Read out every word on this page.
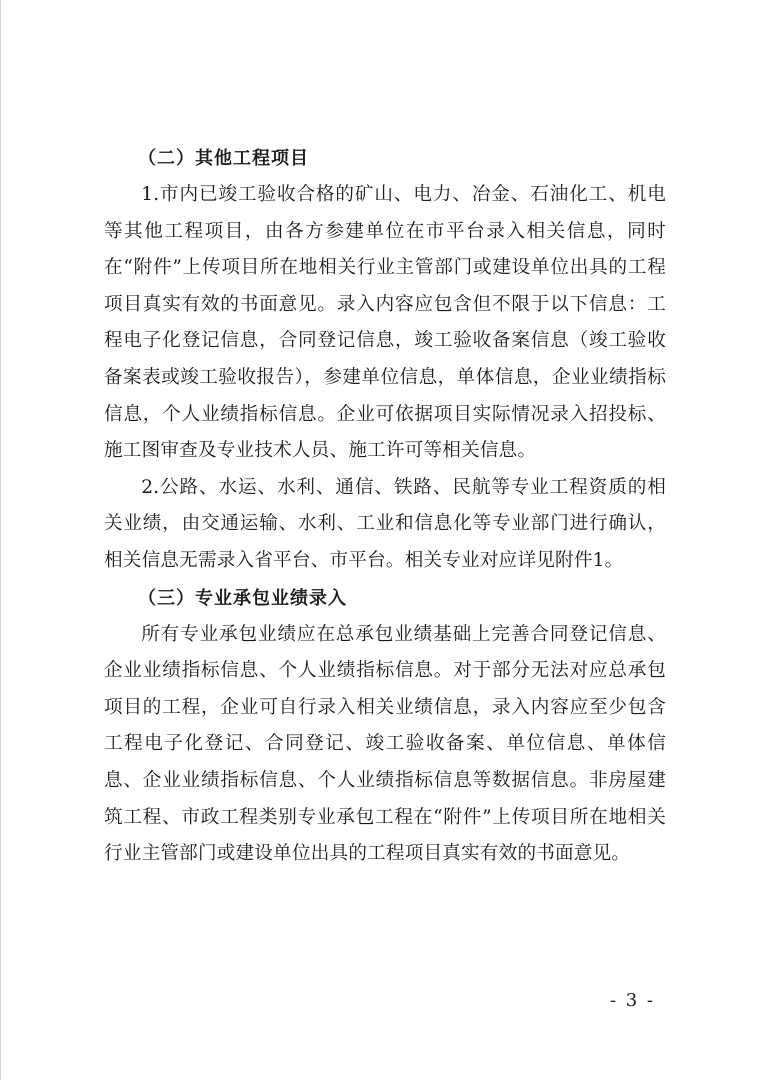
（二）其他工程项目

1.市内已竣工验收合格的矿山、电力、冶金、石油化工、机电等其他工程项目，由各方参建单位在市平台录入相关信息，同时在“附件”上传项目所在地相关行业主管部门或建设单位出具的工程项目真实有效的书面意见。录入内容应包含但不限于以下信息：工程电子化登记信息，合同登记信息，竣工验收备案信息（竣工验收备案表或竣工验收报告），参建单位信息，单体信息，企业业绩指标信息，个人业绩指标信息。企业可依据项目实际情况录入招投标、施工图审查及专业技术人员、施工许可等相关信息。

2.公路、水运、水利、通信、铁路、民航等专业工程资质的相关业绩，由交通运输、水利、工业和信息化等专业部门进行确认，相关信息无需录入省平台、市平台。相关专业对应详见附件1。

（三）专业承包业绩录入

所有专业承包业绩应在总承包业绩基础上完善合同登记信息、企业业绩指标信息、个人业绩指标信息。对于部分无法对应总承包项目的工程，企业可自行录入相关业绩信息，录入内容应至少包含工程电子化登记、合同登记、竣工验收备案、单位信息、单体信息、企业业绩指标信息、个人业绩指标信息等数据信息。非房屋建筑工程、市政工程类别专业承包工程在“附件”上传项目所在地相关行业主管部门或建设单位出具的工程项目真实有效的书面意见。

- 3 -
